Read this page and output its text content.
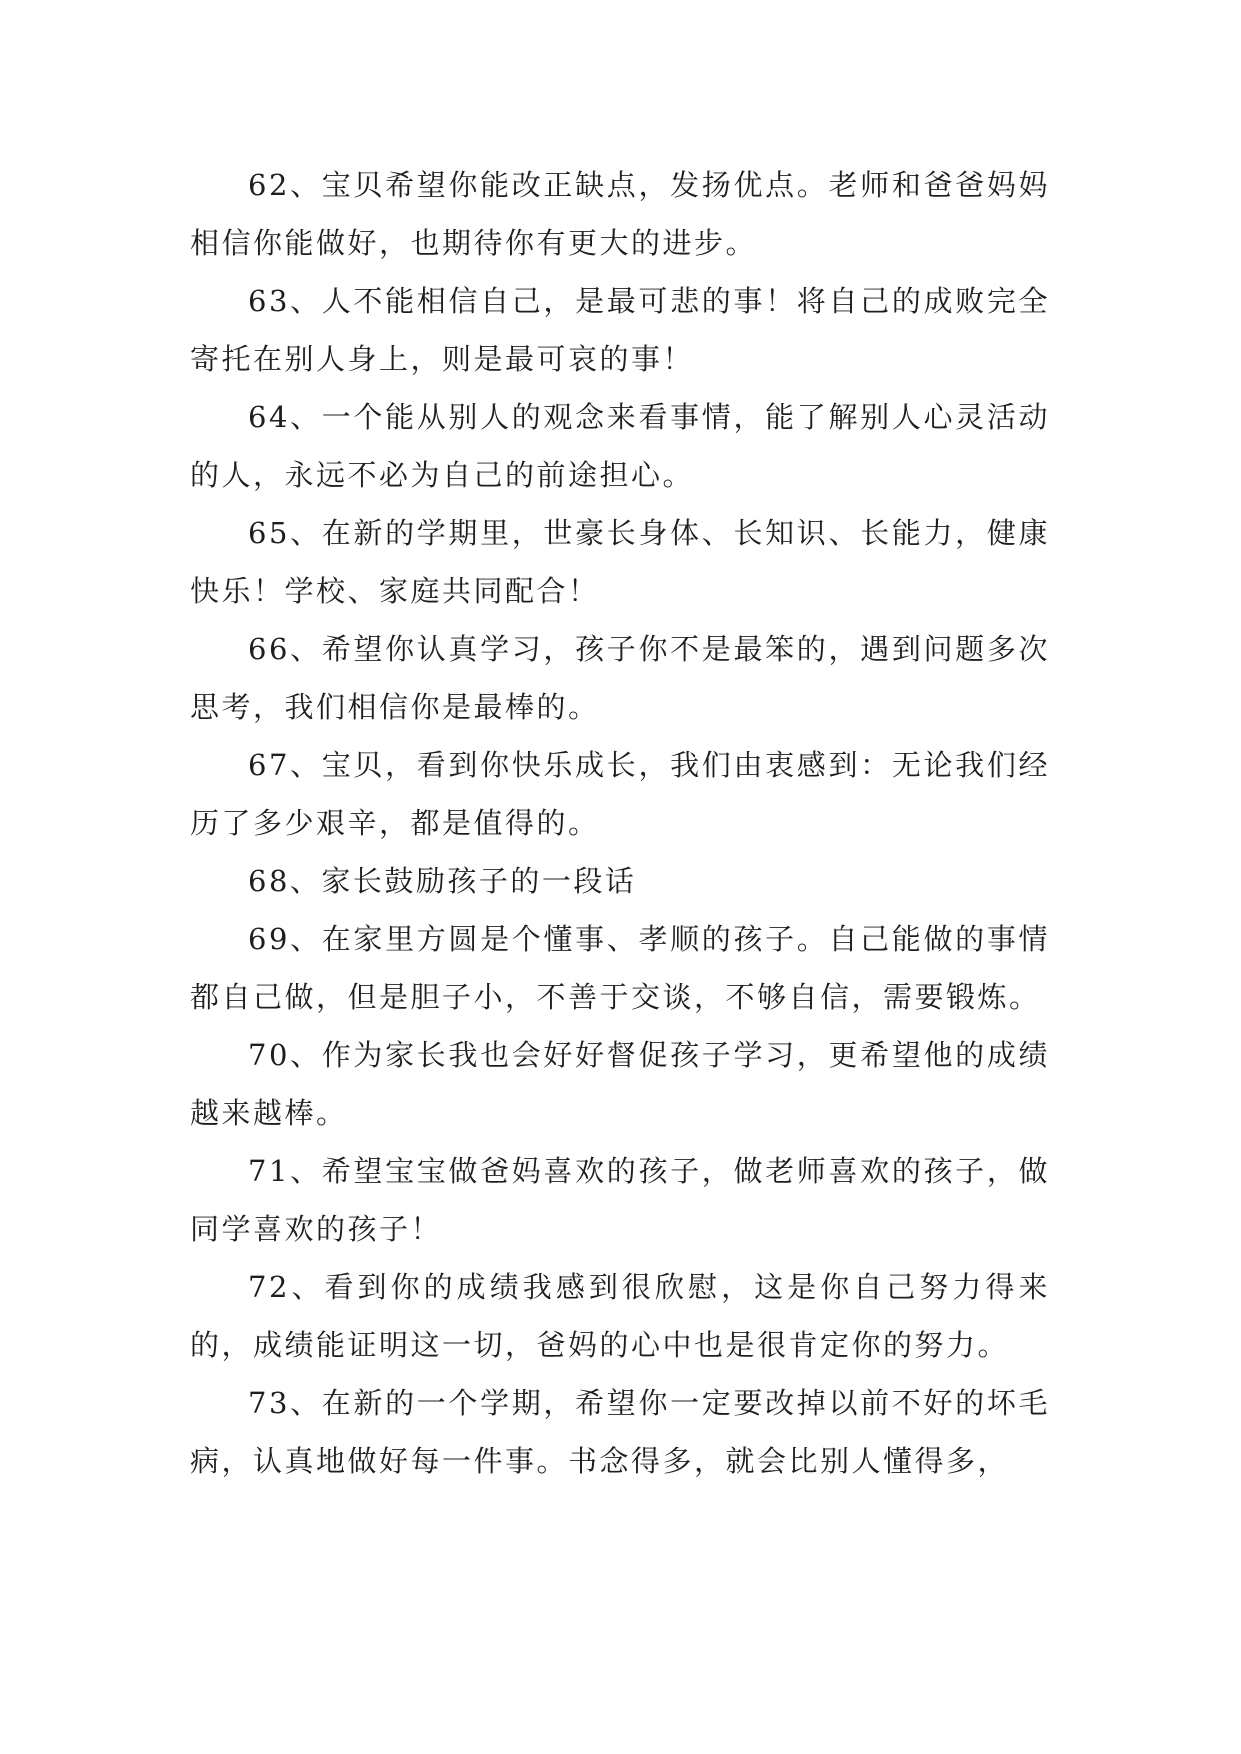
62、宝贝希望你能改正缺点，发扬优点。老师和爸爸妈妈相信你能做好，也期待你有更大的进步。

63、人不能相信自己，是最可悲的事！将自己的成败完全寄托在别人身上，则是最可哀的事！

64、一个能从别人的观念来看事情，能了解别人心灵活动的人，永远不必为自己的前途担心。

65、在新的学期里，世豪长身体、长知识、长能力，健康快乐！学校、家庭共同配合！

66、希望你认真学习，孩子你不是最笨的，遇到问题多次思考，我们相信你是最棒的。

67、宝贝，看到你快乐成长，我们由衷感到：无论我们经历了多少艰辛，都是值得的。

68、家长鼓励孩子的一段话

69、在家里方圆是个懂事、孝顺的孩子。自己能做的事情都自己做，但是胆子小，不善于交谈，不够自信，需要锻炼。

70、作为家长我也会好好督促孩子学习，更希望他的成绩越来越棒。

71、希望宝宝做爸妈喜欢的孩子，做老师喜欢的孩子，做同学喜欢的孩子！

72、看到你的成绩我感到很欣慰，这是你自己努力得来的，成绩能证明这一切，爸妈的心中也是很肯定你的努力。

73、在新的一个学期，希望你一定要改掉以前不好的坏毛病，认真地做好每一件事。书念得多，就会比别人懂得多，
